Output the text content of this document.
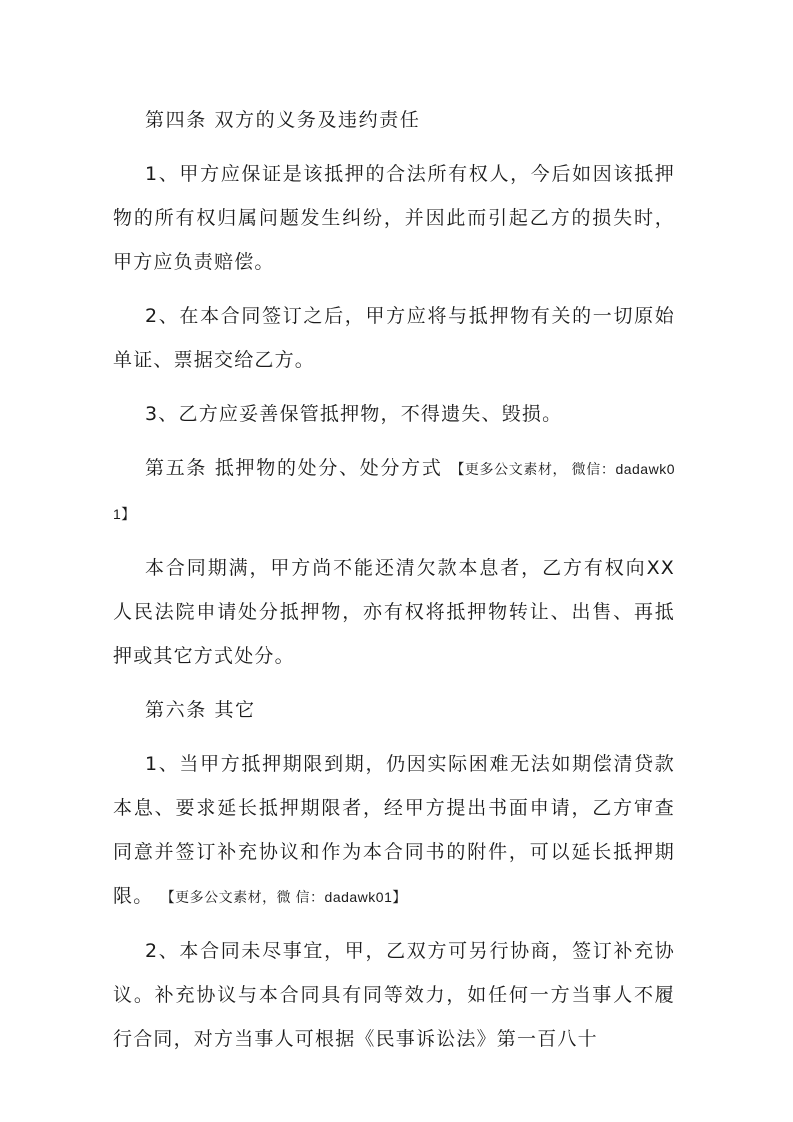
第四条 双方的义务及违约责任

1、甲方应保证是该抵押的合法所有权人，今后如因该抵押物的所有权归属问题发生纠纷，并因此而引起乙方的损失时，甲方应负责赔偿。

2、在本合同签订之后，甲方应将与抵押物有关的一切原始单证、票据交给乙方。

3、乙方应妥善保管抵押物，不得遗失、毁损。

第五条 抵押物的处分、处分方式 【更多公文素材， 微信：dadawk01】

本合同期满，甲方尚不能还清欠款本息者，乙方有权向XX人民法院申请处分抵押物，亦有权将抵押物转让、出售、再抵押或其它方式处分。

第六条 其它

1、当甲方抵押期限到期，仍因实际困难无法如期偿清贷款本息、要求延长抵押期限者，经甲方提出书面申请，乙方审查同意并签订补充协议和作为本合同书的附件，可以延长抵押期限。 【更多公文素材，微 信：dadawk01】

2、本合同未尽事宜，甲，乙双方可另行协商，签订补充协议。补充协议与本合同具有同等效力，如任何一方当事人不履行合同，对方当事人可根据《民事诉讼法》第一百八十
